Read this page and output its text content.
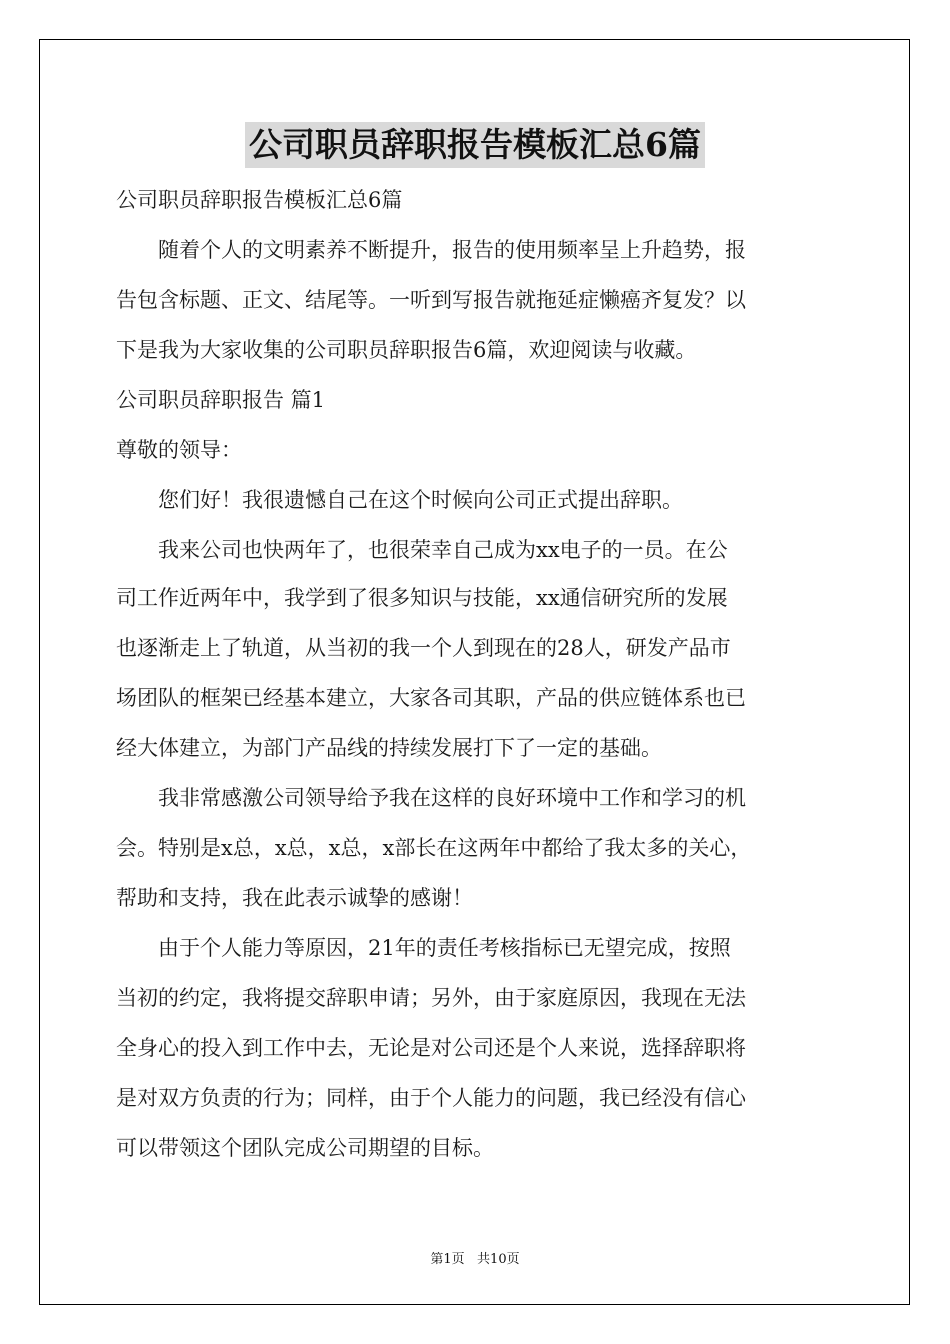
公司职员辞职报告模板汇总6篇
公司职员辞职报告模板汇总6篇
　　随着个人的文明素养不断提升，报告的使用频率呈上升趋势，报
告包含标题、正文、结尾等。一听到写报告就拖延症懒癌齐复发？以
下是我为大家收集的公司职员辞职报告6篇，欢迎阅读与收藏。
公司职员辞职报告 篇1
尊敬的领导：
　　您们好！我很遗憾自己在这个时候向公司正式提出辞职。
　　我来公司也快两年了，也很荣幸自己成为xx电子的一员。在公
司工作近两年中，我学到了很多知识与技能，xx通信研究所的发展
也逐渐走上了轨道，从当初的我一个人到现在的28人，研发产品市
场团队的框架已经基本建立，大家各司其职，产品的供应链体系也已
经大体建立，为部门产品线的持续发展打下了一定的基础。
　　我非常感激公司领导给予我在这样的良好环境中工作和学习的机
会。特别是x总，x总，x总，x部长在这两年中都给了我太多的关心，
帮助和支持，我在此表示诚挚的感谢！
　　由于个人能力等原因，21年的责任考核指标已无望完成，按照
当初的约定，我将提交辞职申请；另外，由于家庭原因，我现在无法
全身心的投入到工作中去，无论是对公司还是个人来说，选择辞职将
是对双方负责的行为；同样，由于个人能力的问题，我已经没有信心
可以带领这个团队完成公司期望的目标。
第1页   共10页
